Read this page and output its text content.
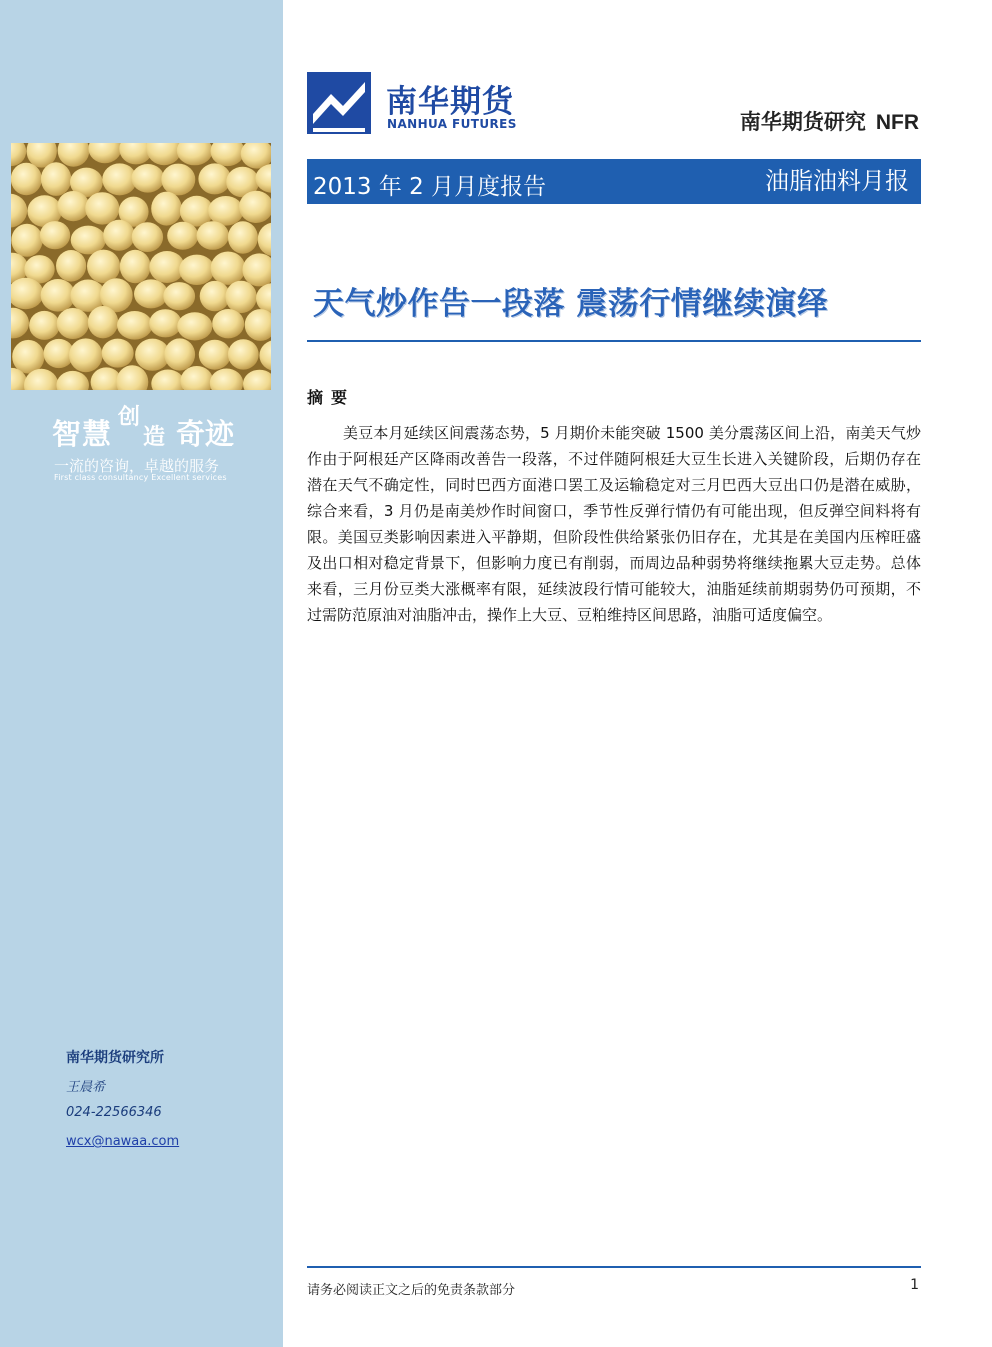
智慧 创
造 奇迹
一流的咨询，卓越的服务
First class consultancy Excellent services
南华期货研究所
王晨希
024-22566346
wcx@nawaa.com
南华期货
NANHUA FUTURES	南华期货研究 NFR
2013 年 2 月月度报告	油脂油料月报
天气炒作告一段落 震荡行情继续演绎
摘要

美豆本月延续区间震荡态势，5 月期价未能突破 1500 美分震荡区间上沿，南美天气炒作由于阿根廷产区降雨改善告一段落，不过伴随阿根廷大豆生长进入关键阶段，后期仍存在潜在天气不确定性，同时巴西方面港口罢工及运输稳定对三月巴西大豆出口仍是潜在威胁，综合来看，3 月仍是南美炒作时间窗口，季节性反弹行情仍有可能出现，但反弹空间料将有限。美国豆类影响因素进入平静期，但阶段性供给紧张仍旧存在，尤其是在美国内压榨旺盛及出口相对稳定背景下，但影响力度已有削弱，而周边品种弱势将继续拖累大豆走势。总体来看，三月份豆类大涨概率有限，延续波段行情可能较大，油脂延续前期弱势仍可预期，不过需防范原油对油脂冲击，操作上大豆、豆粕维持区间思路，油脂可适度偏空。

请务必阅读正文之后的免责条款部分	1
